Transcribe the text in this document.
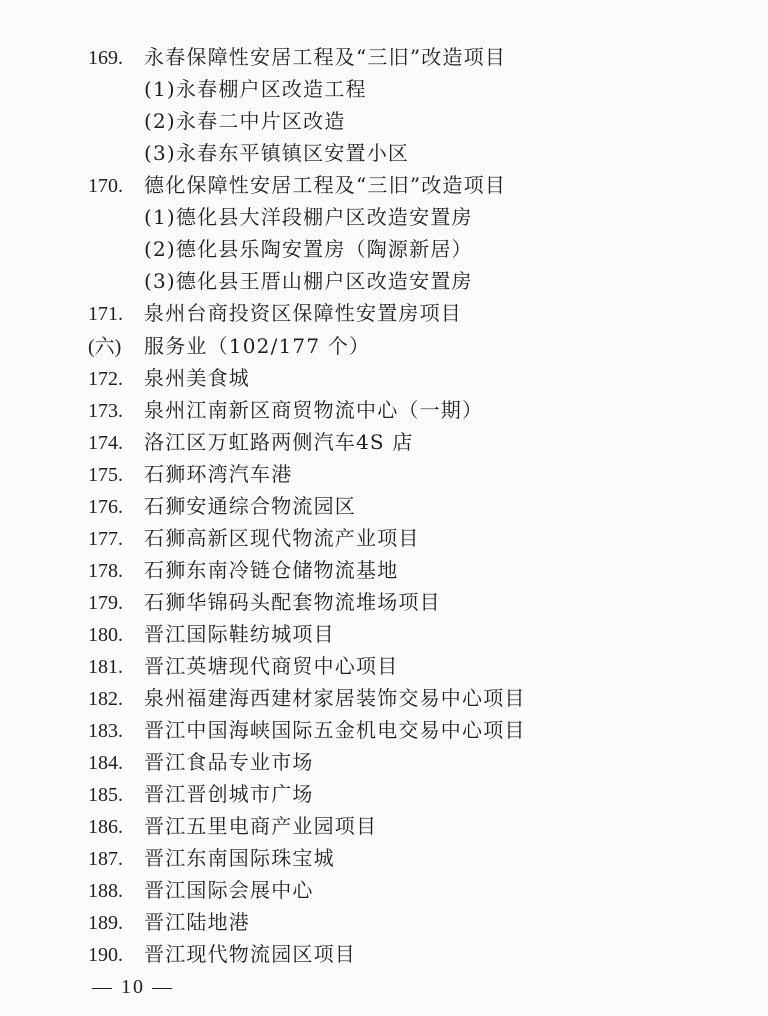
169. 永春保障性安居工程及“三旧”改造项目
(1)永春棚户区改造工程
(2)永春二中片区改造
(3)永春东平镇镇区安置小区
170. 德化保障性安居工程及“三旧”改造项目
(1)德化县大洋段棚户区改造安置房
(2)德化县乐陶安置房（陶源新居）
(3)德化县王厝山棚户区改造安置房
171. 泉州台商投资区保障性安置房项目
(六) 服务业（102/177 个）
172. 泉州美食城
173. 泉州江南新区商贸物流中心（一期）
174. 洛江区万虹路两侧汽车4S 店
175. 石狮环湾汽车港
176. 石狮安通综合物流园区
177. 石狮高新区现代物流产业项目
178. 石狮东南冷链仓储物流基地
179. 石狮华锦码头配套物流堆场项目
180. 晋江国际鞋纺城项目
181. 晋江英塘现代商贸中心项目
182. 泉州福建海西建材家居装饰交易中心项目
183. 晋江中国海峡国际五金机电交易中心项目
184. 晋江食品专业市场
185. 晋江晋创城市广场
186. 晋江五里电商产业园项目
187. 晋江东南国际珠宝城
188. 晋江国际会展中心
189. 晋江陆地港
190. 晋江现代物流园区项目
— 10 —
